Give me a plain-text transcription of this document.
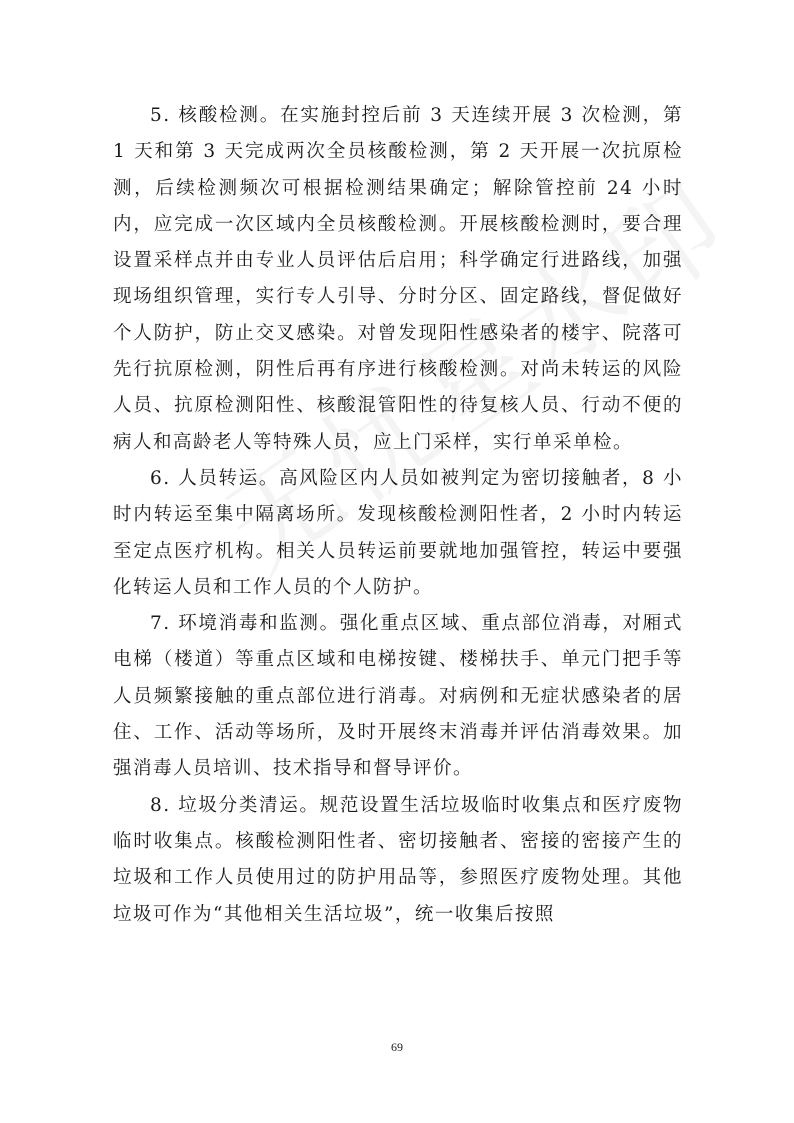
5. 核酸检测。在实施封控后前 3 天连续开展 3 次检测，第 1 天和第 3 天完成两次全员核酸检测，第 2 天开展一次抗原检测，后续检测频次可根据检测结果确定；解除管控前 24 小时内，应完成一次区域内全员核酸检测。开展核酸检测时，要合理设置采样点并由专业人员评估后启用；科学确定行进路线，加强现场组织管理，实行专人引导、分时分区、固定路线，督促做好个人防护，防止交叉感染。对曾发现阳性感染者的楼宇、院落可先行抗原检测，阴性后再有序进行核酸检测。对尚未转运的风险人员、抗原检测阳性、核酸混管阳性的待复核人员、行动不便的病人和高龄老人等特殊人员，应上门采样，实行单采单检。

6. 人员转运。高风险区内人员如被判定为密切接触者，8 小时内转运至集中隔离场所。发现核酸检测阳性者，2 小时内转运至定点医疗机构。相关人员转运前要就地加强管控，转运中要强化转运人员和工作人员的个人防护。

7. 环境消毒和监测。强化重点区域、重点部位消毒，对厢式电梯（楼道）等重点区域和电梯按键、楼梯扶手、单元门把手等人员频繁接触的重点部位进行消毒。对病例和无症状感染者的居住、工作、活动等场所，及时开展终末消毒并评估消毒效果。加强消毒人员培训、技术指导和督导评价。

8. 垃圾分类清运。规范设置生活垃圾临时收集点和医疗废物临时收集点。核酸检测阳性者、密切接触者、密接的密接产生的垃圾和工作人员使用过的防护用品等，参照医疗废物处理。其他垃圾可作为“其他相关生活垃圾”，统一收集后按照

69
